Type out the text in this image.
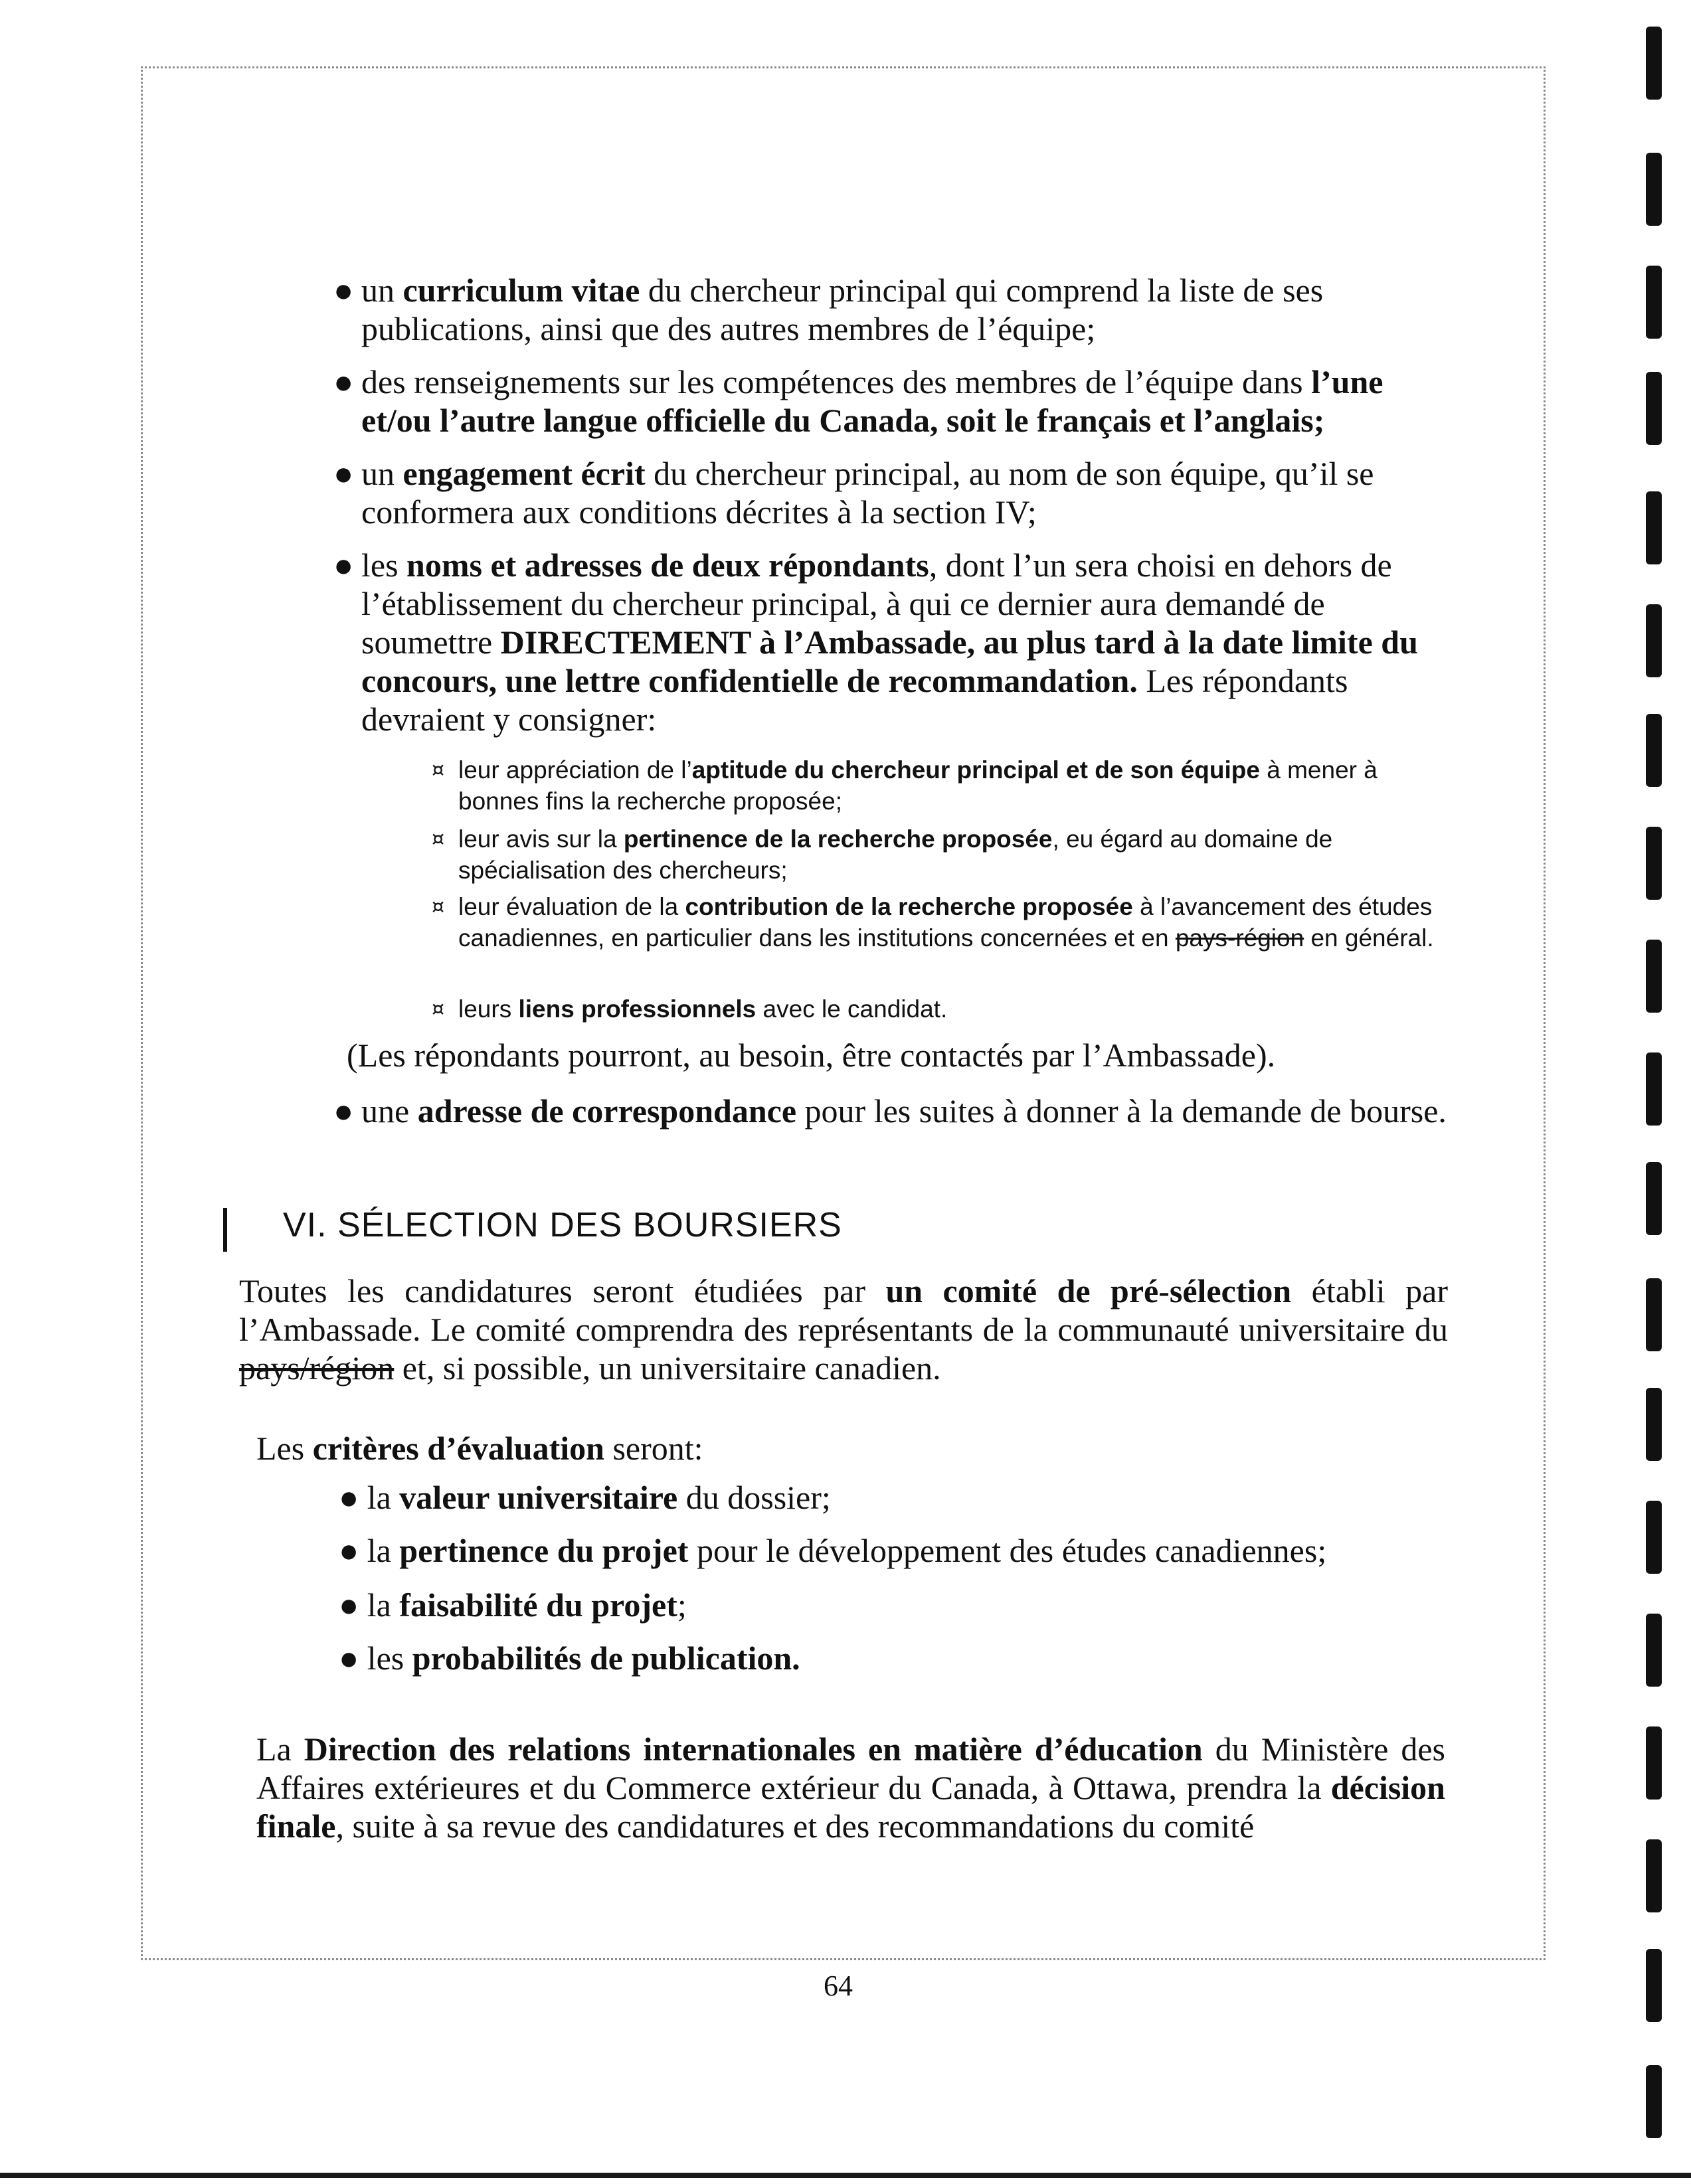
● un curriculum vitae du chercheur principal qui comprend la liste de ses publications, ainsi que des autres membres de l’équipe;
● des renseignements sur les compétences des membres de l’équipe dans l’une et/ou l’autre langue officielle du Canada, soit le français et l’anglais;
● un engagement écrit du chercheur principal, au nom de son équipe, qu’il se conformera aux conditions décrites à la section IV;
● les noms et adresses de deux répondants, dont l’un sera choisi en dehors de l’établissement du chercheur principal, à qui ce dernier aura demandé de soumettre DIRECTEMENT à l’Ambassade, au plus tard à la date limite du concours, une lettre confidentielle de recommandation. Les répondants devraient y consigner:
¤ leur appréciation de l’aptitude du chercheur principal et de son équipe à mener à bonnes fins la recherche proposée;
¤ leur avis sur la pertinence de la recherche proposée, eu égard au domaine de spécialisation des chercheurs;
¤ leur évaluation de la contribution de la recherche proposée à l’avancement des études canadiennes, en particulier dans les institutions concernées et en pays-région en général.
¤ leurs liens professionnels avec le candidat.
(Les répondants pourront, au besoin, être contactés par l’Ambassade).
● une adresse de correspondance pour les suites à donner à la demande de bourse.
VI. SÉLECTION DES BOURSIERS
Toutes les candidatures seront étudiées par un comité de pré-sélection établi par l’Ambassade. Le comité comprendra des représentants de la communauté universitaire du pays/région et, si possible, un universitaire canadien.
Les critères d’évaluation seront:
● la valeur universitaire du dossier;
● la pertinence du projet pour le développement des études canadiennes;
● la faisabilité du projet;
● les probabilités de publication.
La Direction des relations internationales en matière d’éducation du Ministère des Affaires extérieures et du Commerce extérieur du Canada, à Ottawa, prendra la décision finale, suite à sa revue des candidatures et des recommandations du comité
64
